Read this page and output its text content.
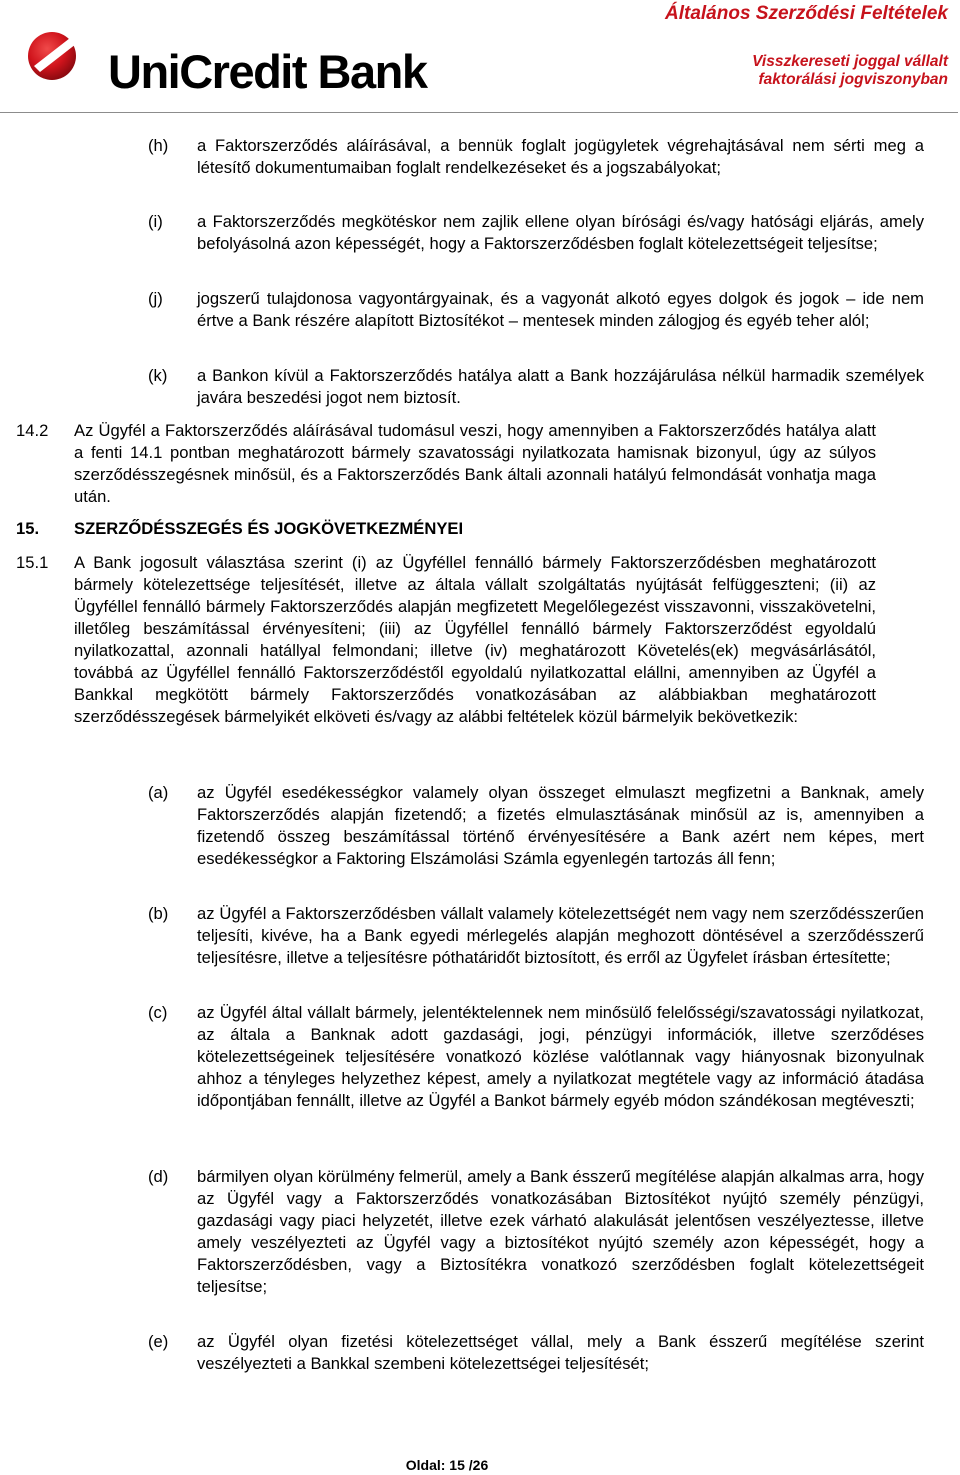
UniCredit Bank
Általános Szerződési Feltételek
Visszkereseti joggal vállalt
faktorálási jogviszonyban
(h)	a Faktorszerződés aláírásával, a bennük foglalt jogügyletek végrehajtásával nem sérti meg a létesítő dokumentumaiban foglalt rendelkezéseket és a jogszabályokat;

(i)	a Faktorszerződés megkötéskor nem zajlik ellene olyan bírósági és/vagy hatósági eljárás, amely befolyásolná azon képességét, hogy a Faktorszerződésben foglalt kötelezettségeit teljesítse;

(j)	jogszerű tulajdonosa vagyontárgyainak, és a vagyonát alkotó egyes dolgok és jogok – ide nem értve a Bank részére alapított Biztosítékot – mentesek minden zálogjog és egyéb teher alól;

(k)	a Bankon kívül a Faktorszerződés hatálya alatt a Bank hozzájárulása nélkül harmadik személyek javára beszedési jogot nem biztosít.

14.2 Az Ügyfél a Faktorszerződés aláírásával tudomásul veszi, hogy amennyiben a Faktorszerződés hatálya alatt a fenti 14.1 pontban meghatározott bármely szavatossági nyilatkozata hamisnak bizonyul, úgy az súlyos szerződésszegésnek minősül, és a Faktorszerződés Bank általi azonnali hatályú felmondását vonhatja maga után.

15. SZERZŐDÉSSZEGÉS ÉS JOGKÖVETKEZMÉNYEI
15.1 A Bank jogosult választása szerint (i) az Ügyféllel fennálló bármely Faktorszerződésben meghatározott bármely kötelezettsége teljesítését, illetve az általa vállalt szolgáltatás nyújtását felfüggeszteni; (ii) az Ügyféllel fennálló bármely Faktorszerződés alapján megfizetett Megelőlegezést visszavonni, visszakövetelni, illetőleg beszámítással érvényesíteni; (iii) az Ügyféllel fennálló bármely Faktorszerződést egyoldalú nyilatkozattal, azonnali hatállyal felmondani; illetve (iv) meghatározott Követelés(ek) megvásárlásától, továbbá az Ügyféllel fennálló Faktorszerződéstől egyoldalú nyilatkozattal elállni, amennyiben az Ügyfél a Bankkal megkötött bármely Faktorszerződés vonatkozásában az alábbiakban meghatározott szerződésszegések bármelyikét elköveti és/vagy az alábbi feltételek közül bármelyik bekövetkezik:

(a)	az Ügyfél esedékességkor valamely olyan összeget elmulaszt megfizetni a Banknak, amely Faktorszerződés alapján fizetendő; a fizetés elmulasztásának minősül az is, amennyiben a fizetendő összeg beszámítással történő érvényesítésére a Bank azért nem képes, mert esedékességkor a Faktoring Elszámolási Számla egyenlegén tartozás áll fenn;

(b)	az Ügyfél a Faktorszerződésben vállalt valamely kötelezettségét nem vagy nem szerződésszerűen teljesíti, kivéve, ha a Bank egyedi mérlegelés alapján meghozott döntésével a szerződésszerű teljesítésre, illetve a teljesítésre póthatáridőt biztosított, és erről az Ügyfelet írásban értesítette;

(c)	az Ügyfél által vállalt bármely, jelentéktelennek nem minősülő felelősségi/szavatossági nyilatkozat, az általa a Banknak adott gazdasági, jogi, pénzügyi információk, illetve szerződéses kötelezettségeinek teljesítésére vonatkozó közlése valótlannak vagy hiányosnak bizonyulnak ahhoz a tényleges helyzethez képest, amely a nyilatkozat megtétele vagy az információ átadása időpontjában fennállt, illetve az Ügyfél a Bankot bármely egyéb módon szándékosan megtéveszti;

(d)	bármilyen olyan körülmény felmerül, amely a Bank ésszerű megítélése alapján alkalmas arra, hogy az Ügyfél vagy a Faktorszerződés vonatkozásában Biztosítékot nyújtó személy pénzügyi, gazdasági vagy piaci helyzetét, illetve ezek várható alakulását jelentősen veszélyeztesse, illetve amely veszélyezteti az Ügyfél vagy a biztosítékot nyújtó személy azon képességét, hogy a Faktorszerződésben, vagy a Biztosítékra vonatkozó szerződésben foglalt kötelezettségeit teljesítse;

(e)	az Ügyfél olyan fizetési kötelezettséget vállal, mely a Bank ésszerű megítélése szerint veszélyezteti a Bankkal szembeni kötelezettségei teljesítését;

Oldal: 15 /26
